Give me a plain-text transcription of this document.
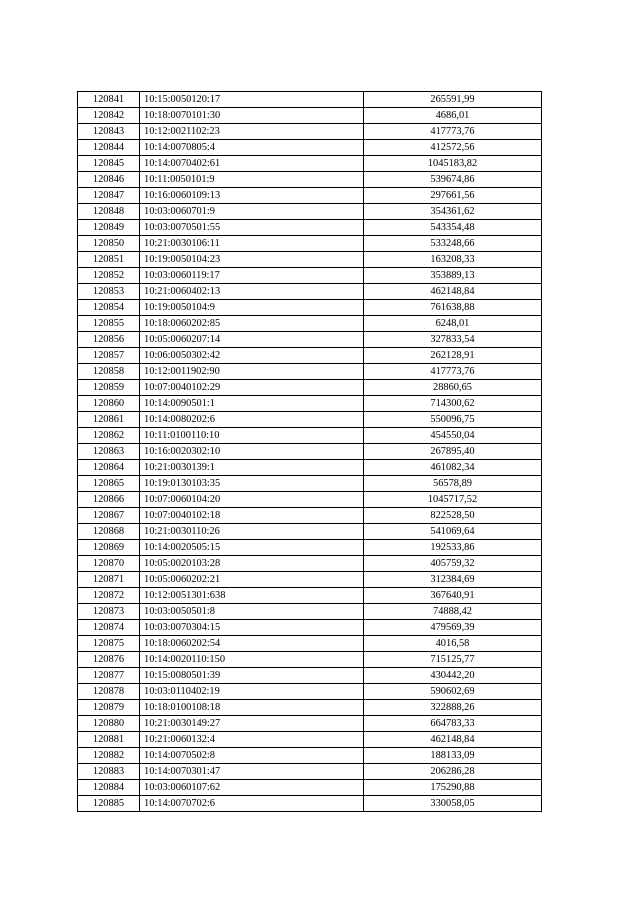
120841	10:15:0050120:17	265591,99
120842	10:18:0070101:30	4686,01
120843	10:12:0021102:23	417773,76
120844	10:14:0070805:4	412572,56
120845	10:14:0070402:61	1045183,82
120846	10:11:0050101:9	539674,86
120847	10:16:0060109:13	297661,56
120848	10:03:0060701:9	354361,62
120849	10:03:0070501:55	543354,48
120850	10:21:0030106:11	533248,66
120851	10:19:0050104:23	163208,33
120852	10:03:0060119:17	353889,13
120853	10:21:0060402:13	462148,84
120854	10:19:0050104:9	761638,88
120855	10:18:0060202:85	6248,01
120856	10:05:0060207:14	327833,54
120857	10:06:0050302:42	262128,91
120858	10:12:0011902:90	417773,76
120859	10:07:0040102:29	28860,65
120860	10:14:0090501:1	714300,62
120861	10:14:0080202:6	550096,75
120862	10:11:0100110:10	454550,04
120863	10:16:0020302:10	267895,40
120864	10:21:0030139:1	461082,34
120865	10:19:0130103:35	56578,89
120866	10:07:0060104:20	1045717,52
120867	10:07:0040102:18	822528,50
120868	10:21:0030110:26	541069,64
120869	10:14:0020505:15	192533,86
120870	10:05:0020103:28	405759,32
120871	10:05:0060202:21	312384,69
120872	10:12:0051301:638	367640,91
120873	10:03:0050501:8	74888,42
120874	10:03:0070304:15	479569,39
120875	10:18:0060202:54	4016,58
120876	10:14:0020110:150	715125,77
120877	10:15:0080501:39	430442,20
120878	10:03:0110402:19	590602,69
120879	10:18:0100108:18	322888,26
120880	10:21:0030149:27	664783,33
120881	10:21:0060132:4	462148,84
120882	10:14:0070502:8	188133,09
120883	10:14:0070301:47	206286,28
120884	10:03:0060107:62	175290,88
120885	10:14:0070702:6	330058,05
